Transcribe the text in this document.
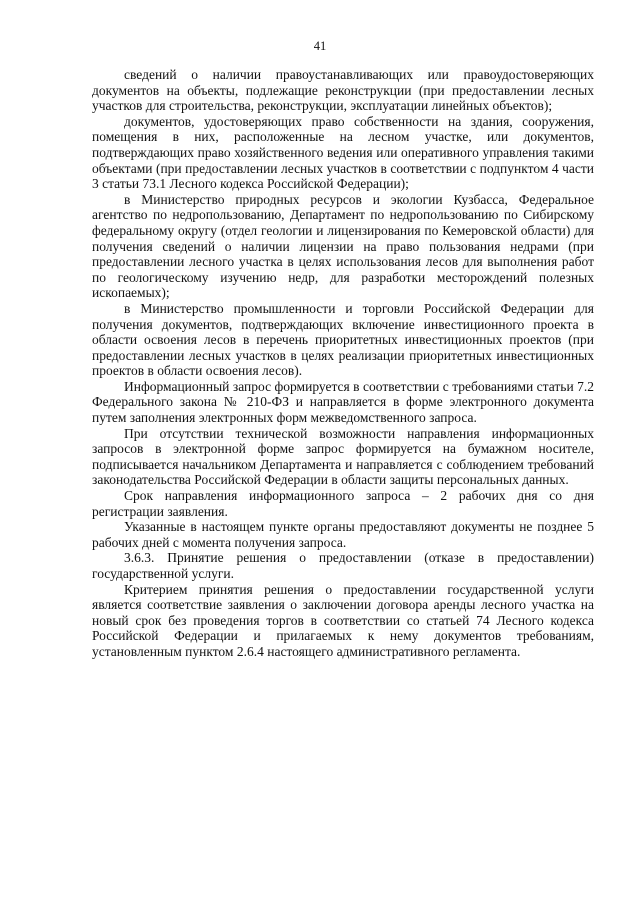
41

сведений о наличии правоустанавливающих или правоудостоверяющих документов на объекты, подлежащие реконструкции (при предоставлении лесных участков для строительства, реконструкции, эксплуатации линейных объектов);

документов, удостоверяющих право собственности на здания, сооружения, помещения в них, расположенные на лесном участке, или документов, подтверждающих право хозяйственного ведения или оперативного управления такими объектами (при предоставлении лесных участков в соответствии с подпунктом 4 части 3 статьи 73.1 Лесного кодекса Российской Федерации);

в Министерство природных ресурсов и экологии Кузбасса, Федеральное агентство по недропользованию, Департамент по недропользованию по Сибирскому федеральному округу (отдел геологии и лицензирования по Кемеровской области) для получения сведений о наличии лицензии на право пользования недрами (при предоставлении лесного участка в целях использования лесов для выполнения работ по геологическому изучению недр, для разработки месторождений полезных ископаемых);

в Министерство промышленности и торговли Российской Федерации для получения документов, подтверждающих включение инвестиционного проекта в области освоения лесов в перечень приоритетных инвестиционных проектов (при предоставлении лесных участков в целях реализации приоритетных инвестиционных проектов в области освоения лесов).

Информационный запрос формируется в соответствии с требованиями статьи 7.2 Федерального закона № 210-ФЗ и направляется в форме электронного документа путем заполнения электронных форм межведомственного запроса.

При отсутствии технической возможности направления информационных запросов в электронной форме запрос формируется на бумажном носителе, подписывается начальником Департамента и направляется с соблюдением требований законодательства Российской Федерации в области защиты персональных данных.

Срок направления информационного запроса – 2 рабочих дня со дня регистрации заявления.

Указанные в настоящем пункте органы предоставляют документы не позднее 5 рабочих дней с момента получения запроса.

3.6.3. Принятие решения о предоставлении (отказе в предоставлении) государственной услуги.

Критерием принятия решения о предоставлении государственной услуги является соответствие заявления о заключении договора аренды лесного участка на новый срок без проведения торгов в соответствии со статьей 74 Лесного кодекса Российской Федерации и прилагаемых к нему документов требованиям, установленным пунктом 2.6.4 настоящего административного регламента.
